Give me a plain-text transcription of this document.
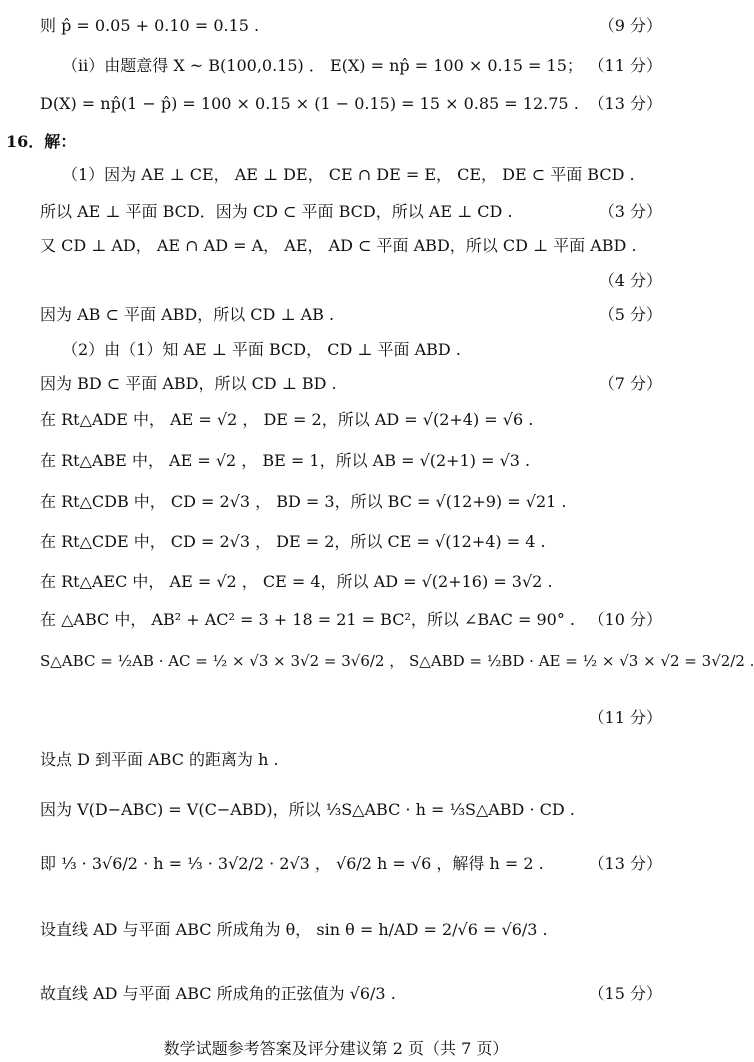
则 p̂ = 0.05 + 0.10 = 0.15 .	（9 分）
（ⅱ）由题意得 X ~ B(100,0.15) ． E(X) = np̂ = 100 × 0.15 = 15； （11 分）
D(X) = np̂(1 − p̂) = 100 × 0.15 × (1 − 0.15) = 15 × 0.85 = 12.75 . （13 分）
16．解：
（1）因为 AE ⊥ CE， AE ⊥ DE， CE ∩ DE = E， CE， DE ⊂ 平面 BCD .
所以 AE ⊥ 平面 BCD．因为 CD ⊂ 平面 BCD，所以 AE ⊥ CD .	（3 分）
又 CD ⊥ AD， AE ∩ AD = A， AE， AD ⊂ 平面 ABD，所以 CD ⊥ 平面 ABD .
（4 分）
因为 AB ⊂ 平面 ABD，所以 CD ⊥ AB .	（5 分）
（2）由（1）知 AE ⊥ 平面 BCD， CD ⊥ 平面 ABD .
因为 BD ⊂ 平面 ABD，所以 CD ⊥ BD .	（7 分）
在 Rt△ADE 中， AE = √2 ， DE = 2，所以 AD = √(2+4) = √6 .
在 Rt△ABE 中， AE = √2 ， BE = 1，所以 AB = √(2+1) = √3 .
在 Rt△CDB 中， CD = 2√3 ， BD = 3，所以 BC = √(12+9) = √21 .
在 Rt△CDE 中， CD = 2√3 ， DE = 2，所以 CE = √(12+4) = 4 .
在 Rt△AEC 中， AE = √2 ， CE = 4，所以 AD = √(2+16) = 3√2 .
在 △ABC 中， AB² + AC² = 3 + 18 = 21 = BC²，所以 ∠BAC = 90° . （10 分）
S△ABC = ½AB · AC = ½ × √3 × 3√2 = 3√6/2 ， S△ABD = ½BD · AE = ½ × √3 × √2 = 3√2/2 .
（11 分）
设点 D 到平面 ABC 的距离为 h .
因为 V(D−ABC) = V(C−ABD)，所以 ⅓S△ABC · h = ⅓S△ABD · CD .
即 ⅓ · 3√6/2 · h = ⅓ · 3√2/2 · 2√3 ， √6/2 h = √6 ，解得 h = 2 .	（13 分）
设直线 AD 与平面 ABC 所成角为 θ， sin θ = h/AD = 2/√6 = √6/3 .
故直线 AD 与平面 ABC 所成角的正弦值为 √6/3 .	（15 分）
数学试题参考答案及评分建议第 2 页（共 7 页）
